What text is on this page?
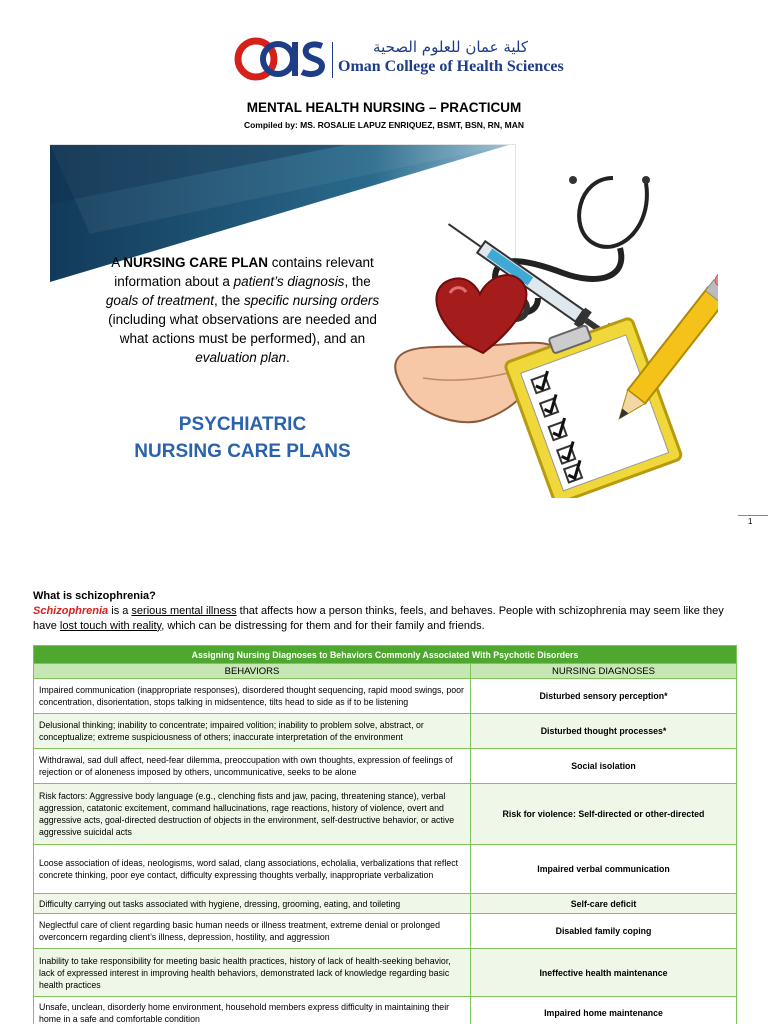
كلية عمان للعلوم الصحية
Oman College of Health Sciences
MENTAL HEALTH NURSING – PRACTICUM
Compiled by: MS. ROSALIE LAPUZ ENRIQUEZ, BSMT, BSN, RN, MAN
A NURSING CARE PLAN contains relevant information about a patient’s diagnosis, the goals of treatment, the specific nursing orders (including what observations are needed and what actions must be performed), and an evaluation plan.
PSYCHIATRIC
NURSING CARE PLANS
1
What is schizophrenia?
Schizophrenia is a serious mental illness that affects how a person thinks, feels, and behaves. People with schizophrenia may seem like they have lost touch with reality, which can be distressing for them and for their family and friends.
Assigning Nursing Diagnoses to Behaviors Commonly Associated With Psychotic Disorders	
BEHAVIORS	NURSING DIAGNOSES
Impaired communication (inappropriate responses), disordered thought sequencing, rapid mood swings, poor concentration, disorientation, stops talking in midsentence, tilts head to side as if to be listening	Disturbed sensory perception*
Delusional thinking; inability to concentrate; impaired volition; inability to problem solve, abstract, or conceptualize; extreme suspiciousness of others; inaccurate interpretation of the environment	Disturbed thought processes*
Withdrawal, sad dull affect, need-fear dilemma, preoccupation with own thoughts, expression of feelings of rejection or of aloneness imposed by others, uncommunicative, seeks to be alone	Social isolation
Risk factors: Aggressive body language (e.g., clenching fists and jaw, pacing, threatening stance), verbal aggression, catatonic excitement, command hallucinations, rage reactions, history of violence, overt and aggressive acts, goal-directed destruction of objects in the environment, self-destructive behavior, or active aggressive suicidal acts	Risk for violence: Self-directed or other-directed
Loose association of ideas, neologisms, word salad, clang associations, echolalia, verbalizations that reflect concrete thinking, poor eye contact, difficulty expressing thoughts verbally, inappropriate verbalization	Impaired verbal communication
Difficulty carrying out tasks associated with hygiene, dressing, grooming, eating, and toileting	Self-care deficit
Neglectful care of client regarding basic human needs or illness treatment, extreme denial or prolonged overconcern regarding client’s illness, depression, hostility, and aggression	Disabled family coping
Inability to take responsibility for meeting basic health practices, history of lack of health-seeking behavior, lack of expressed interest in improving health behaviors, demonstrated lack of knowledge regarding basic health practices	Ineffective health maintenance
Unsafe, unclean, disorderly home environment, household members express difficulty in maintaining their home in a safe and comfortable condition	Impaired home maintenance
